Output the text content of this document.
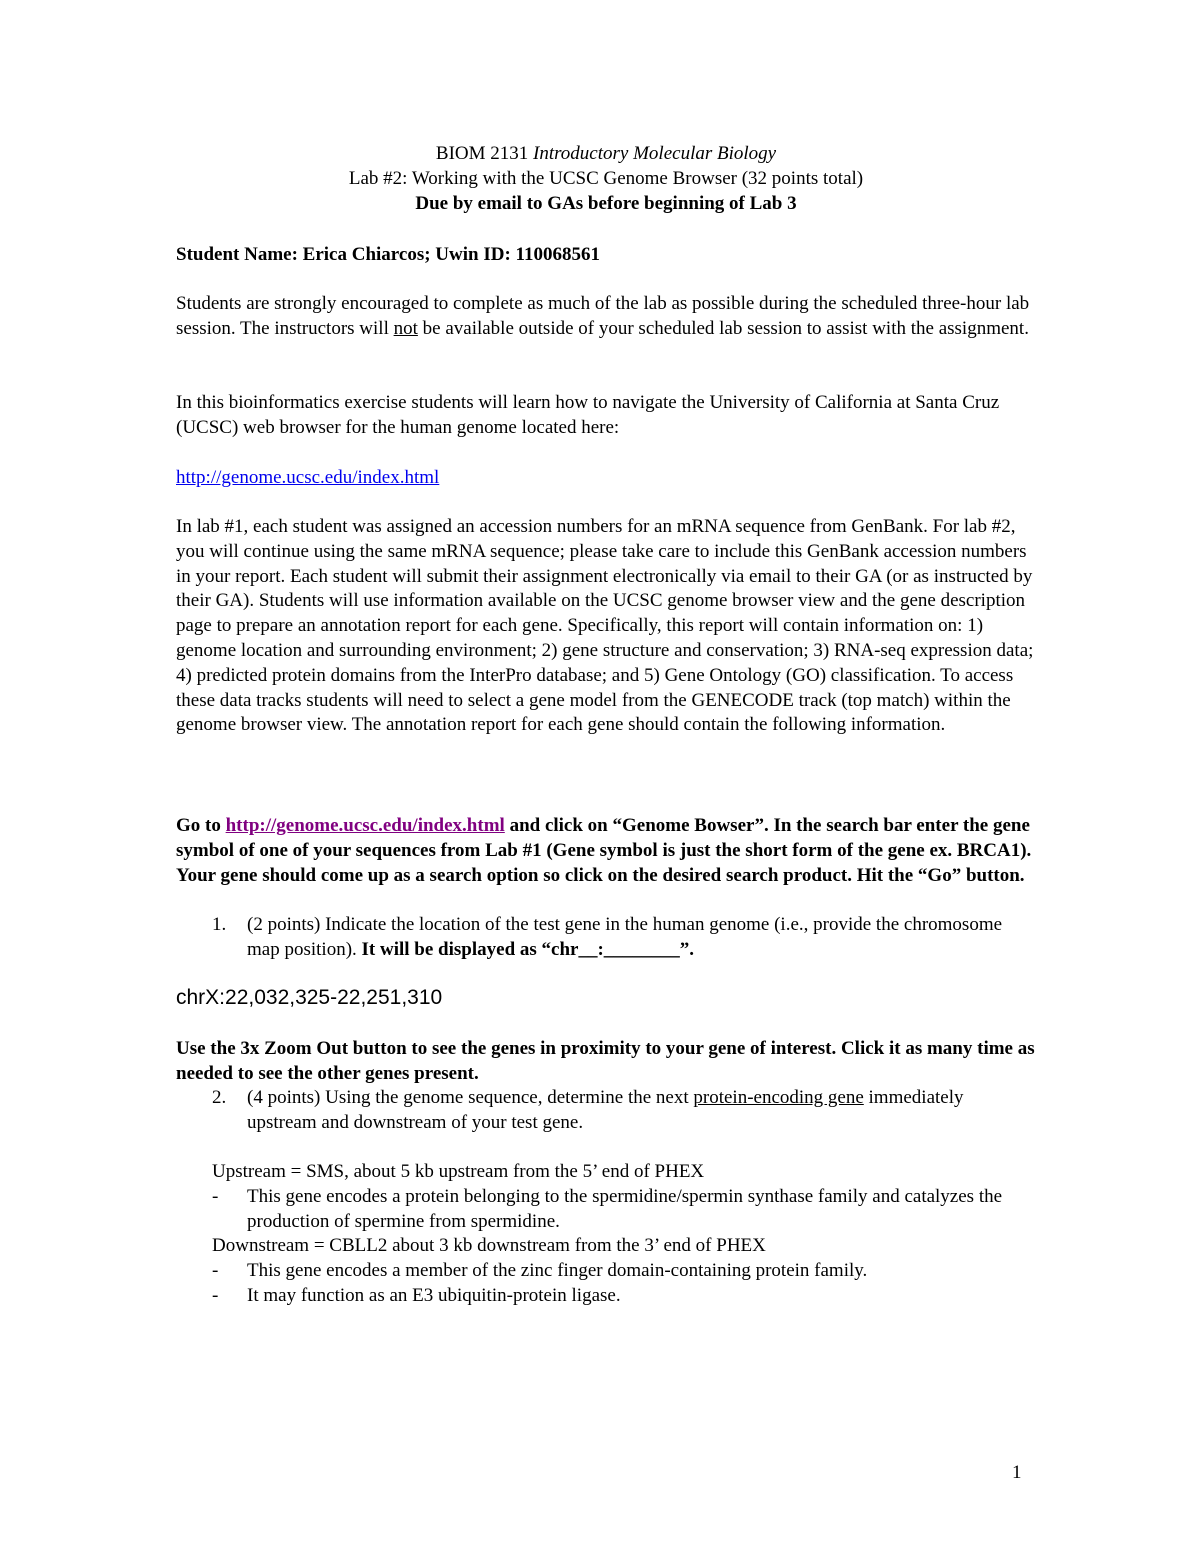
BIOM 2131 Introductory Molecular Biology

Lab #2: Working with the UCSC Genome Browser (32 points total)

Due by email to GAs before beginning of Lab 3

Student Name: Erica Chiarcos; Uwin ID: 110068561

Students are strongly encouraged to complete as much of the lab as possible during the scheduled three-hour lab session. The instructors will not be available outside of your scheduled lab session to assist with the assignment.

In this bioinformatics exercise students will learn how to navigate the University of California at Santa Cruz (UCSC) web browser for the human genome located here:

http://genome.ucsc.edu/index.html

In lab #1, each student was assigned an accession numbers for an mRNA sequence from GenBank. For lab #2, you will continue using the same mRNA sequence; please take care to include this GenBank accession numbers in your report. Each student will submit their assignment electronically via email to their GA (or as instructed by their GA). Students will use information available on the UCSC genome browser view and the gene description page to prepare an annotation report for each gene. Specifically, this report will contain information on: 1) genome location and surrounding environment; 2) gene structure and conservation; 3) RNA-seq expression data; 4) predicted protein domains from the InterPro database; and 5) Gene Ontology (GO) classification. To access these data tracks students will need to select a gene model from the GENECODE track (top match) within the genome browser view. The annotation report for each gene should contain the following information.

Go to http://genome.ucsc.edu/index.html and click on “Genome Bowser”. In the search bar enter the gene symbol of one of your sequences from Lab #1 (Gene symbol is just the short form of the gene ex. BRCA1). Your gene should come up as a search option so click on the desired search product. Hit the “Go” button.

1. (2 points) Indicate the location of the test gene in the human genome (i.e., provide the chromosome map position). It will be displayed as “chr__:________”.

chrX:22,032,325-22,251,310

Use the 3x Zoom Out button to see the genes in proximity to your gene of interest. Click it as many time as needed to see the other genes present.

2. (4 points) Using the genome sequence, determine the next protein-encoding gene immediately upstream and downstream of your test gene.

Upstream = SMS, about 5 kb upstream from the 5’ end of PHEX

- This gene encodes a protein belonging to the spermidine/spermin synthase family and catalyzes the production of spermine from spermidine.

Downstream = CBLL2 about 3 kb downstream from the 3’ end of PHEX

- This gene encodes a member of the zinc finger domain-containing protein family.
- It may function as an E3 ubiquitin-protein ligase.
1
